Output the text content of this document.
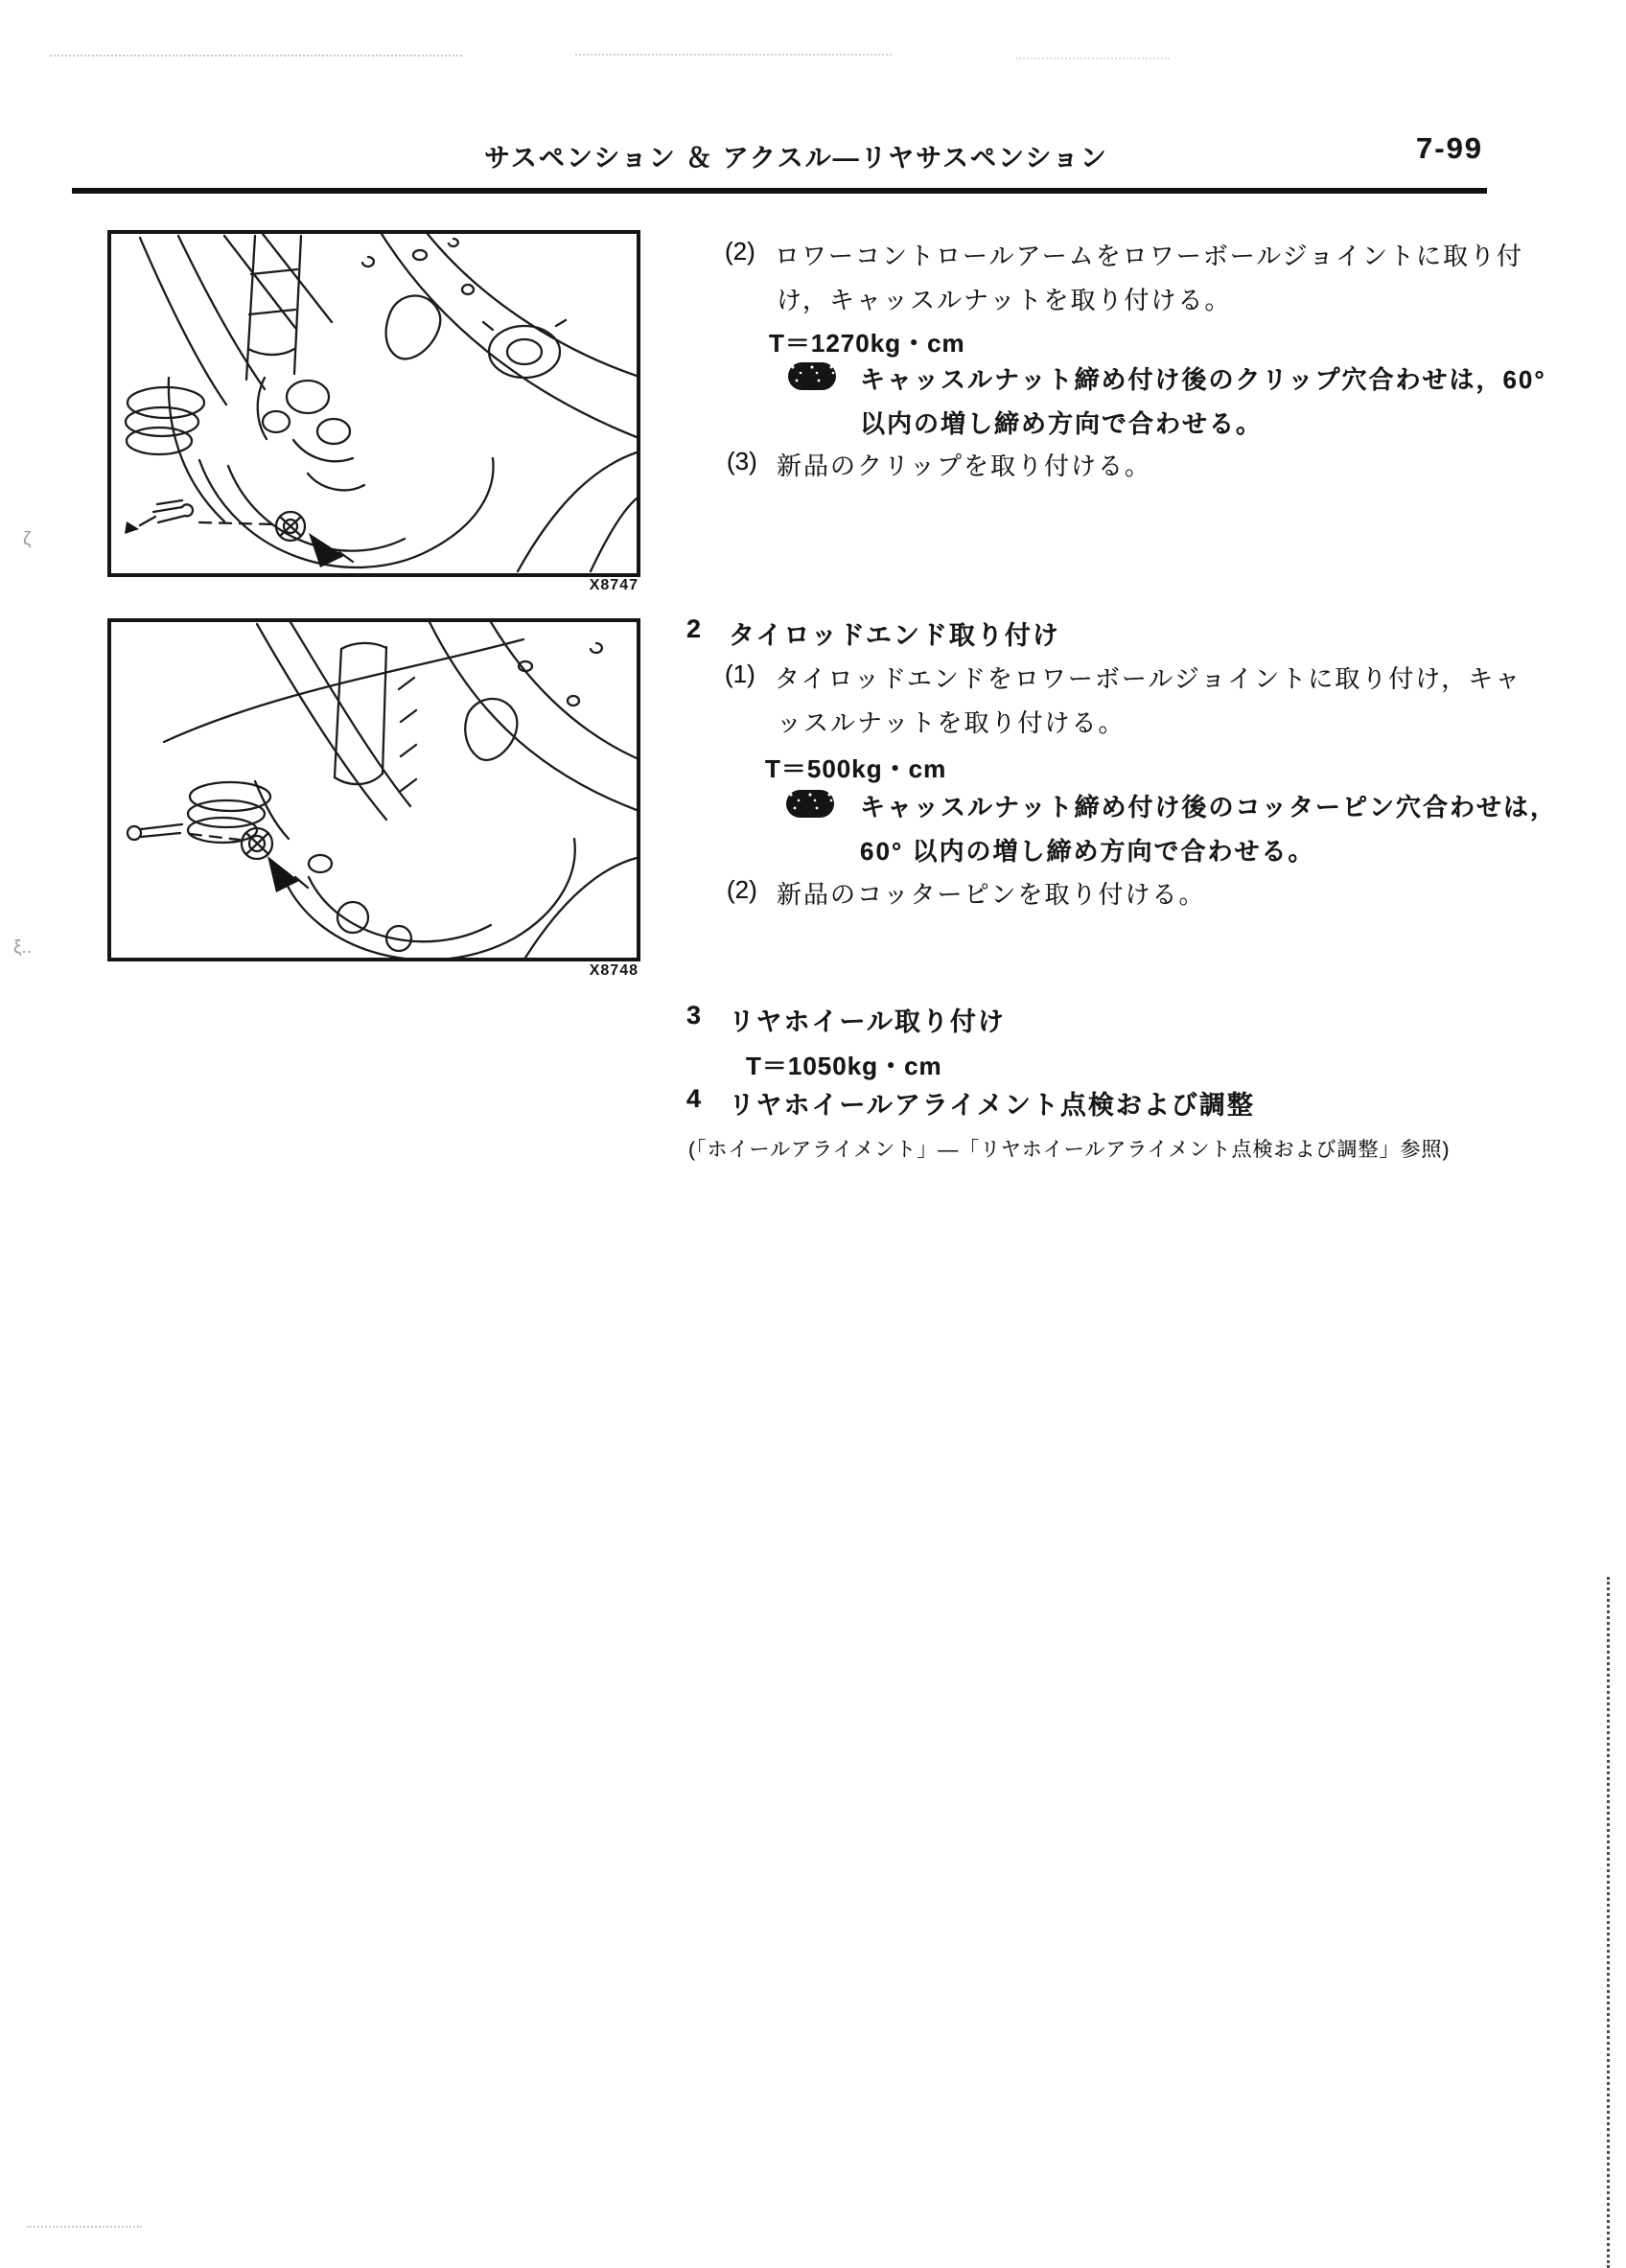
ζ
ξ..
サスペンション ＆ アクスル―リヤサスペンション	7-99
X8747
X8748
(2) ロワーコントロールアームをロワーボールジョイントに取り付
け，キャッスルナットを取り付ける。
T＝1270kg・cm
キャッスルナット締め付け後のクリップ穴合わせは，60°
以内の増し締め方向で合わせる。
(3) 新品のクリップを取り付ける。
2 タイロッドエンド取り付け
(1) タイロッドエンドをロワーボールジョイントに取り付け，キャ
ッスルナットを取り付ける。
T＝500kg・cm
キャッスルナット締め付け後のコッターピン穴合わせは，
60° 以内の増し締め方向で合わせる。
(2) 新品のコッターピンを取り付ける。
3 リヤホイール取り付け
T＝1050kg・cm
4 リヤホイールアライメント点検および調整
(「ホイールアライメント」―「リヤホイールアライメント点検および調整」参照)
